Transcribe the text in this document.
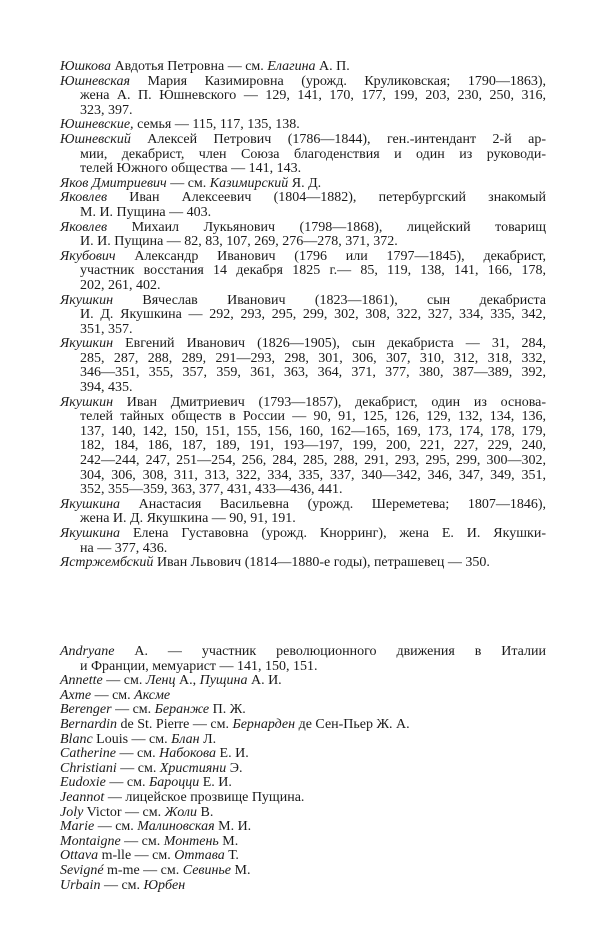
Юшкова Авдотья Петровна — см. Елагина А. П.
Юшневская Мария Казимировна (урожд. Круликовская; 1790—1863),
жена А. П. Юшневского — 129, 141, 170, 177, 199, 203, 230, 250, 316,
323, 397.
Юшневские, семья — 115, 117, 135, 138.
Юшневский Алексей Петрович (1786—1844), ген.-интендант 2-й ар-
мии, декабрист, член Союза благоденствия и один из руководи-
телей Южного общества — 141, 143.
Яков Дмитриевич — см. Казимирский Я. Д.
Яковлев Иван Алексеевич (1804—1882), петербургский знакомый
М. И. Пущина — 403.
Яковлев Михаил Лукьянович (1798—1868), лицейский товарищ
И. И. Пущина — 82, 83, 107, 269, 276—278, 371, 372.
Якубович Александр Иванович (1796 или 1797—1845), декабрист,
участник восстания 14 декабря 1825 г.— 85, 119, 138, 141, 166, 178,
202, 261, 402.
Якушкин Вячеслав Иванович (1823—1861), сын декабриста
И. Д. Якушкина — 292, 293, 295, 299, 302, 308, 322, 327, 334, 335, 342,
351, 357.
Якушкин Евгений Иванович (1826—1905), сын декабриста — 31, 284,
285, 287, 288, 289, 291—293, 298, 301, 306, 307, 310, 312, 318, 332,
346—351, 355, 357, 359, 361, 363, 364, 371, 377, 380, 387—389, 392,
394, 435.
Якушкин Иван Дмитриевич (1793—1857), декабрист, один из основа-
телей тайных обществ в России — 90, 91, 125, 126, 129, 132, 134, 136,
137, 140, 142, 150, 151, 155, 156, 160, 162—165, 169, 173, 174, 178, 179,
182, 184, 186, 187, 189, 191, 193—197, 199, 200, 221, 227, 229, 240,
242—244, 247, 251—254, 256, 284, 285, 288, 291, 293, 295, 299, 300—302,
304, 306, 308, 311, 313, 322, 334, 335, 337, 340—342, 346, 347, 349, 351,
352, 355—359, 363, 377, 431, 433—436, 441.
Якушкина Анастасия Васильевна (урожд. Шереметева; 1807—1846),
жена И. Д. Якушкина — 90, 91, 191.
Якушкина Елена Густавовна (урожд. Кнорринг), жена Е. И. Якушки-
на — 377, 436.
Ястржембский Иван Львович (1814—1880-е годы), петрашевец — 350.
Andryane А. — участник революционного движения в Италии
и Франции, мемуарист — 141, 150, 151.
Annette — см. Ленц А., Пущина А. И.
Axme — см. Аксме
Berenger — см. Беранже П. Ж.
Bernardin de St. Pierre — см. Бернарден де Сен-Пьер Ж. А.
Blanc Louis — см. Блан Л.
Catherine — см. Набокова Е. И.
Christiani — см. Християни Э.
Eudoxie — см. Бароцци Е. И.
Jeannot — лицейское прозвище Пущина.
Joly Victor — см. Жоли В.
Marie — см. Малиновская М. И.
Montaigne — см. Монтень М.
Ottava m-lle — см. Оттава Т.
Sevigné m-me — см. Севинье М.
Urbain — см. Юрбен
